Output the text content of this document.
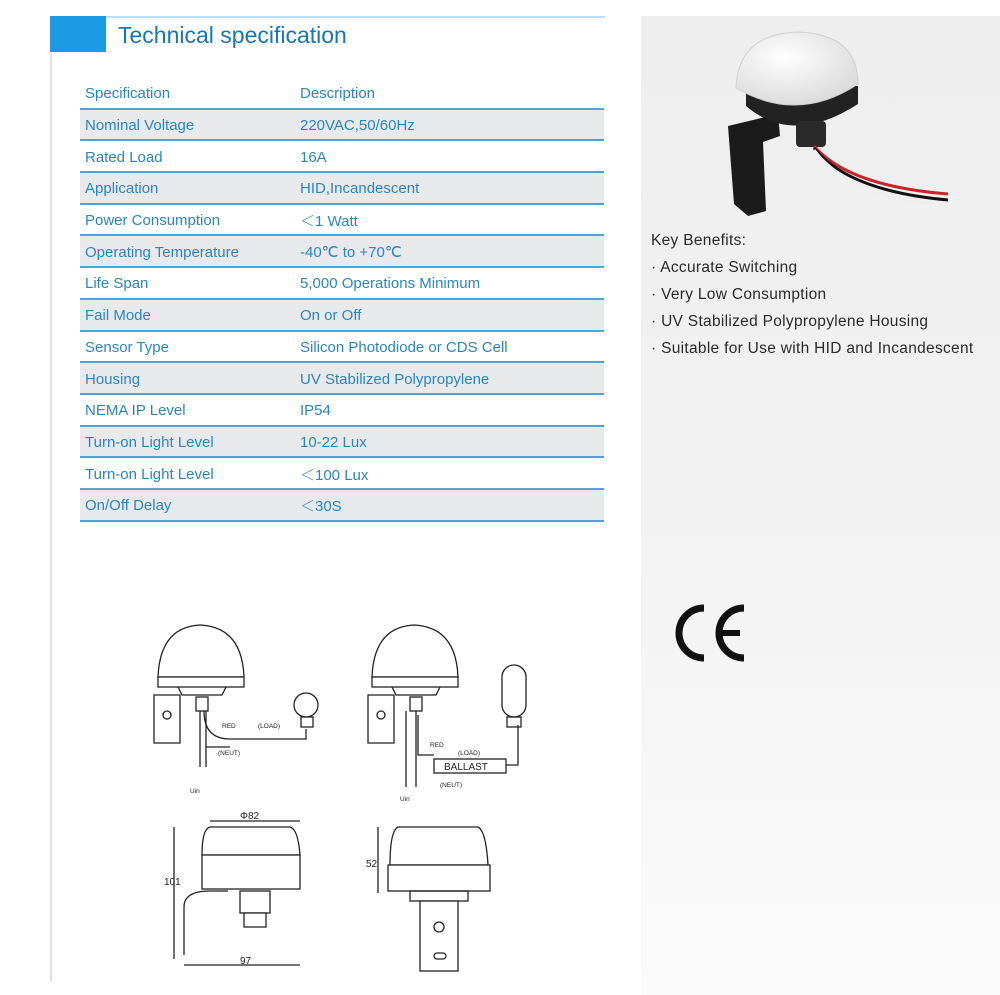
Technical specification
Specification	Description
Nominal Voltage	220VAC,50/60Hz
Rated Load	16A
Application	HID,Incandescent
Power Consumption	＜1 Watt
Operating Temperature	-40℃ to +70℃
Life Span	5,000 Operations Minimum
Fail Mode	On or Off
Sensor Type	Silicon Photodiode or CDS Cell
Housing	UV Stabilized Polypropylene
NEMA IP Level	IP54
Turn-on Light Level	10-22 Lux
Turn-on Light Level	＜100 Lux
On/Off Delay	＜30S
Key Benefits:
· Accurate Switching
· Very Low Consumption
· UV Stabilized Polypropylene Housing
· Suitable for Use with HID and Incandescent
RED	(LOAD)
(NEUT)
Uin
RED
(LOAD)
(NEUT)
Uin
BALLAST
Φ82
101
97
52
